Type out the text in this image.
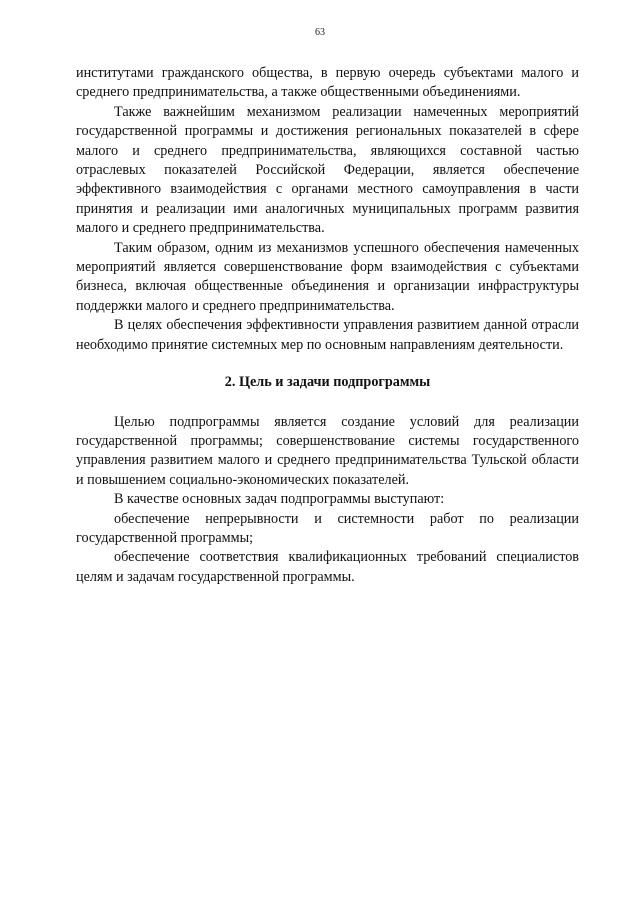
63

институтами гражданского общества, в первую очередь субъектами малого и среднего предпринимательства, а также общественными объединениями.

Также важнейшим механизмом реализации намеченных мероприятий государственной программы и достижения региональных показателей в сфере малого и среднего предпринимательства, являющихся составной частью отраслевых показателей Российской Федерации, является обеспечение эффективного взаимодействия с органами местного самоуправления в части принятия и реализации ими аналогичных муниципальных программ развития малого и среднего предпринимательства.

Таким образом, одним из механизмов успешного обеспечения намеченных мероприятий является совершенствование форм взаимодействия с субъектами бизнеса, включая общественные объединения и организации инфраструктуры поддержки малого и среднего предпринимательства.

В целях обеспечения эффективности управления развитием данной отрасли необходимо принятие системных мер по основным направлениям деятельности.

2. Цель и задачи подпрограммы

Целью подпрограммы является создание условий для реализации государственной программы; совершенствование системы государственного управления развитием малого и среднего предпринимательства Тульской области и повышением социально-экономических показателей.

В качестве основных задач подпрограммы выступают:

обеспечение непрерывности и системности работ по реализации государственной программы;

обеспечение соответствия квалификационных требований специалистов целям и задачам государственной программы.
